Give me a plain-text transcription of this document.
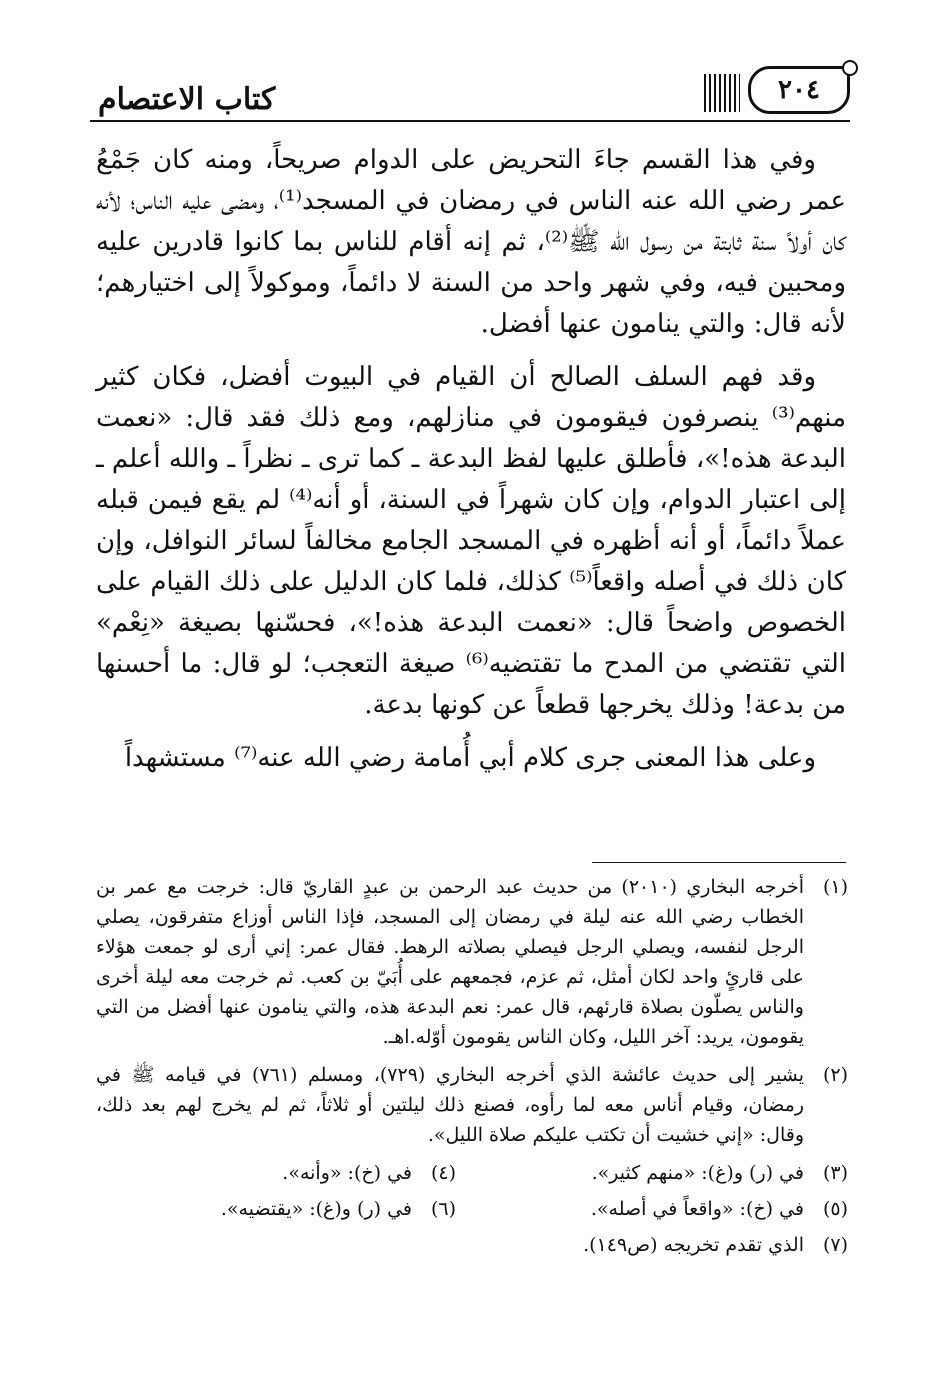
٢٠٤
كتاب الاعتصام

وفي هذا القسم جاءَ التحريض على الدوام صريحاً، ومنه كان جَمْعُ عمر رضي الله عنه الناس في رمضان في المسجد⁽¹⁾، ومضى عليه الناس؛ لأنه كان أولاً سنة ثابتة من رسول الله ﷺ⁽²⁾، ثم إنه أقام للناس بما كانوا قادرين عليه ومحبين فيه، وفي شهر واحد من السنة لا دائماً، وموكولاً إلى اختيارهم؛ لأنه قال: والتي ينامون عنها أفضل.

وقد فهم السلف الصالح أن القيام في البيوت أفضل، فكان كثير منهم⁽³⁾ ينصرفون فيقومون في منازلهم، ومع ذلك فقد قال: «نعمت البدعة هذه!»، فأطلق عليها لفظ البدعة ـ كما ترى ـ نظراً ـ والله أعلم ـ إلى اعتبار الدوام، وإن كان شهراً في السنة، أو أنه⁽⁴⁾ لم يقع فيمن قبله عملاً دائماً، أو أنه أظهره في المسجد الجامع مخالفاً لسائر النوافل، وإن كان ذلك في أصله واقعاً⁽⁵⁾ كذلك، فلما كان الدليل على ذلك القيام على الخصوص واضحاً قال: «نعمت البدعة هذه!»، فحسّنها بصيغة «نِعْم» التي تقتضي من المدح ما تقتضيه⁽⁶⁾ صيغة التعجب؛ لو قال: ما أحسنها من بدعة! وذلك يخرجها قطعاً عن كونها بدعة.

وعلى هذا المعنى جرى كلام أبي أُمامة رضي الله عنه⁽⁷⁾ مستشهداً

(١)
أخرجه البخاري (٢٠١٠) من حديث عبد الرحمن بن عبدٍ القاريّ قال: خرجت مع عمر بن الخطاب رضي الله عنه ليلة في رمضان إلى المسجد، فإذا الناس أوزاع متفرقون، يصلي الرجل لنفسه، ويصلي الرجل فيصلي بصلاته الرهط. فقال عمر: إني أرى لو جمعت هؤلاء على قارئٍ واحد لكان أمثل، ثم عزم، فجمعهم على أُبَيّ بن كعب. ثم خرجت معه ليلة أخرى والناس يصلّون بصلاة قارئهم، قال عمر: نعم البدعة هذه، والتي ينامون عنها أفضل من التي يقومون، يريد: آخر الليل، وكان الناس يقومون أوّله.اهـ.
(٢)
يشير إلى حديث عائشة الذي أخرجه البخاري (٧٢٩)، ومسلم (٧٦١) في قيامه ﷺ في رمضان، وقيام أناس معه لما رأوه، فصنع ذلك ليلتين أو ثلاثاً، ثم لم يخرج لهم بعد ذلك، وقال: «إني خشيت أن تكتب عليكم صلاة الليل».
(٣)
في (ر) و(غ): «منهم كثير».
(٤)
في (خ): «وأنه».
(٥)
في (خ): «واقعاً في أصله».
(٦)
في (ر) و(غ): «يقتضيه».
(٧)
الذي تقدم تخريجه (ص١٤٩).
